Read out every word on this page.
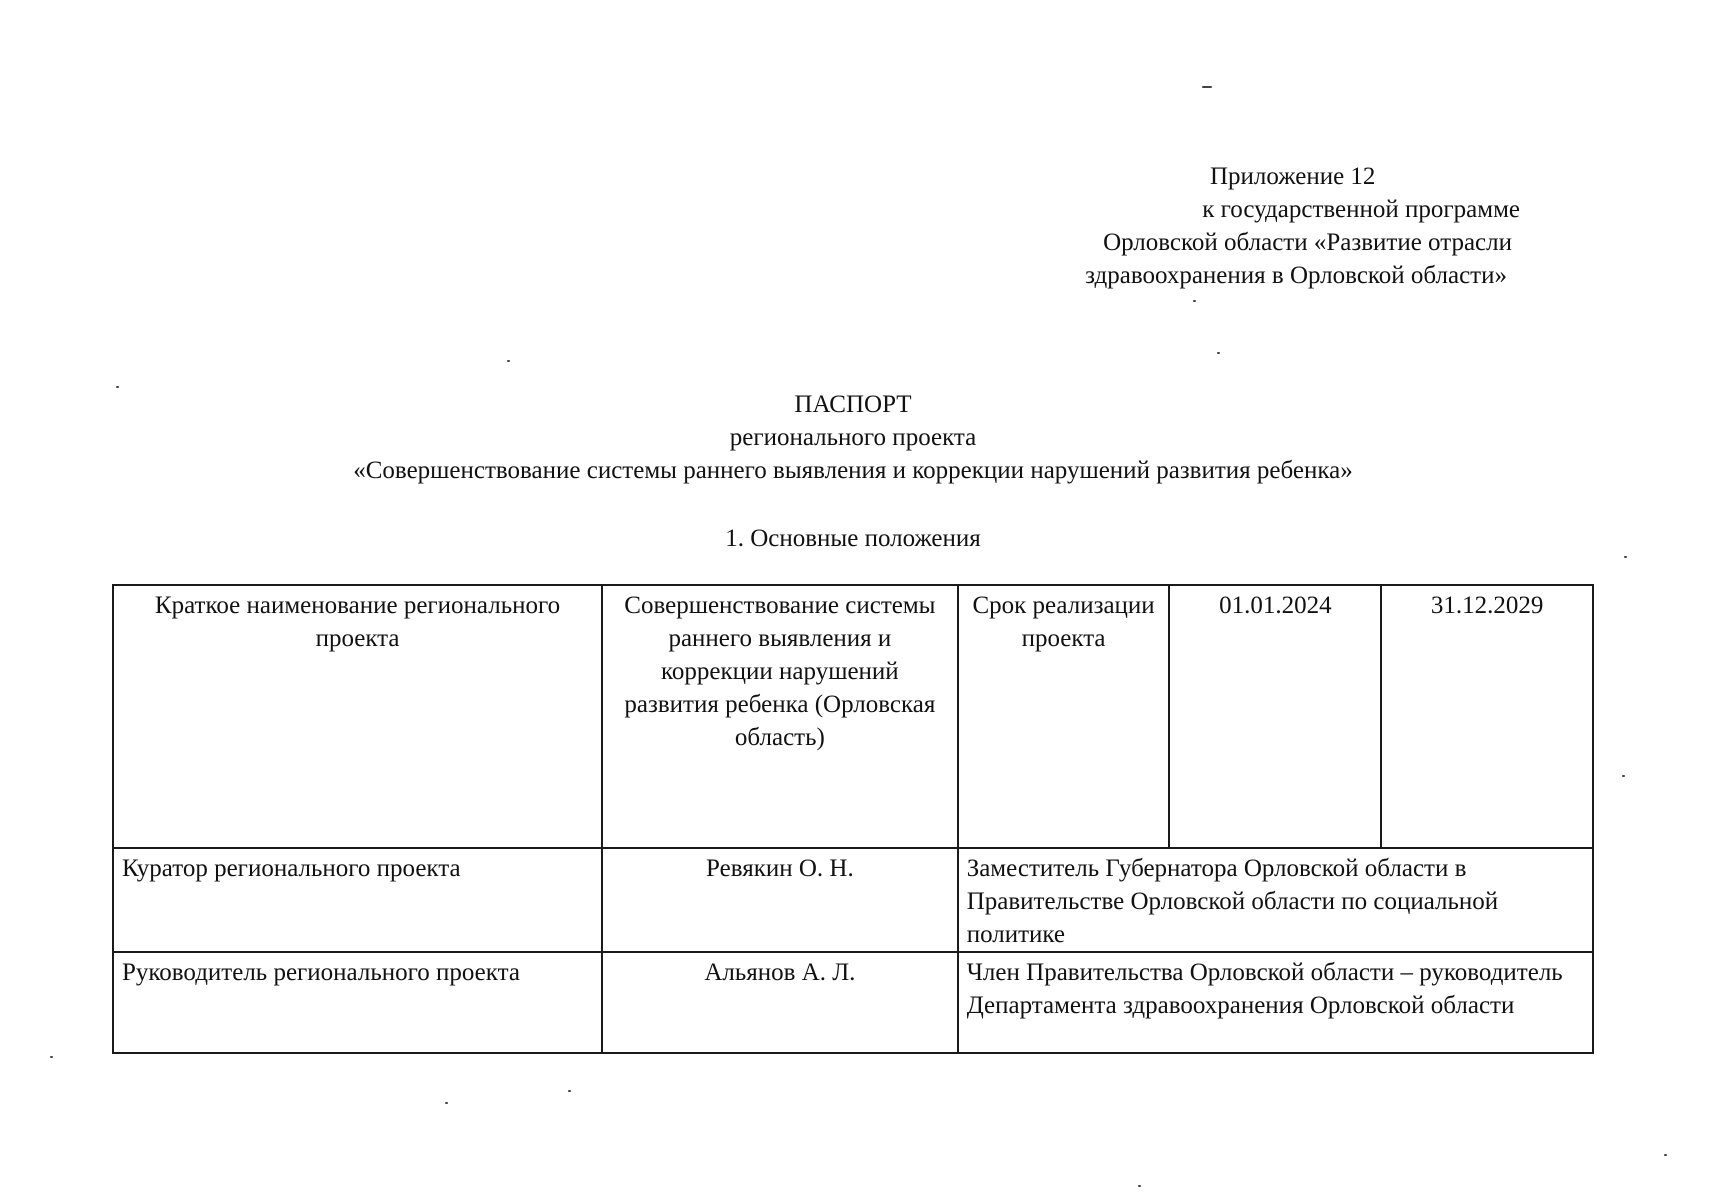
Приложение 12
к государственной программе
Орловской области «Развитие отрасли
здравоохранения в Орловской области»
ПАСПОРТ
регионального проекта
«Совершенствование системы раннего выявления и коррекции нарушений развития ребенка»
1. Основные положения
Краткое наименование регионального проекта	Совершенствование системы раннего выявления и коррекции нарушений развития ребенка (Орловская область)	Срок реализации проекта	01.01.2024	31.12.2029
Куратор регионального проекта	Ревякин О. Н.	Заместитель Губернатора Орловской области в Правительстве Орловской области по социальной политике		
Руководитель регионального проекта	Альянов А. Л.	Член Правительства Орловской области – руководитель Департамента здравоохранения Орловской области		
